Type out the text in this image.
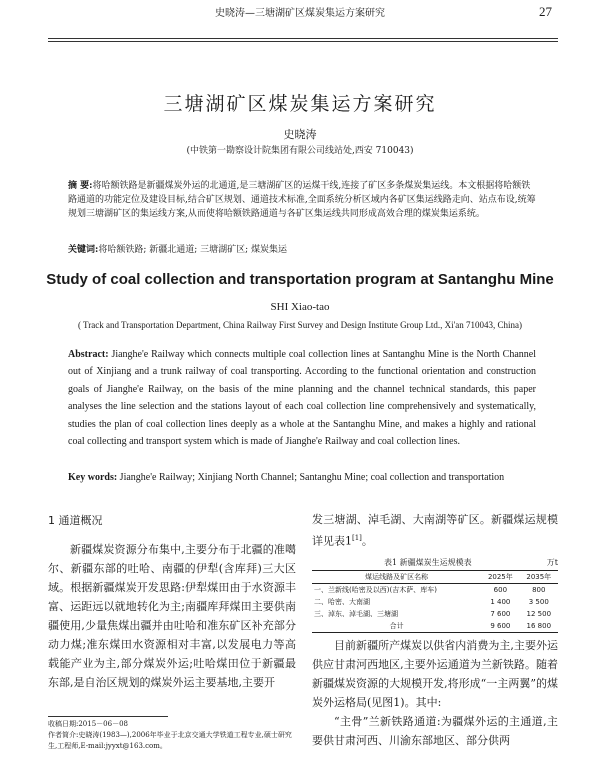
史晓涛—三塘湖矿区煤炭集运方案研究	27
三塘湖矿区煤炭集运方案研究
史晓涛
(中铁第一勘察设计院集团有限公司线站处,西安 710043)
摘 要:将哈额铁路是新疆煤炭外运的北通道,是三塘湖矿区的运煤干线,连接了矿区多条煤炭集运线。本文根据将哈额铁路通道的功能定位及建设目标,结合矿区规划、通道技术标准,全面系统分析区域内各矿区集运线路走向、站点布设,统筹规划三塘湖矿区的集运线方案,从而使将哈额铁路通道与各矿区集运线共同形成高效合理的煤炭集运系统。
关键词:将哈额铁路; 新疆北通道; 三塘湖矿区; 煤炭集运
Study of coal collection and transportation program at Santanghu Mine
SHI Xiao-tao
( Track and Transportation Department, China Railway First Survey and Design Institute Group Ltd., Xi'an 710043, China)
Abstract: Jianghe'e Railway which connects multiple coal collection lines at Santanghu Mine is the North Channel out of Xinjiang and a trunk railway of coal transporting. According to the functional orientation and construction goals of Jianghe'e Railway, on the basis of the mine planning and the channel technical standards, this paper analyses the line selection and the stations layout of each coal collection line comprehensively and systematically, studies the plan of coal collection lines deeply as a whole at the Santanghu Mine, and makes a highly and rational coal collecting and transport system which is made of Jianghe'e Railway and coal collection lines.
Key words: Jianghe'e Railway; Xinjiang North Channel; Santanghu Mine; coal collection and transportation
1 通道概况
新疆煤炭资源分布集中,主要分布于北疆的准噶尔、新疆东部的吐哈、南疆的伊犁(含库拜)三大区域。根据新疆煤炭开发思路:伊犁煤田由于水资源丰富、运距远以就地转化为主;南疆库拜煤田主要供南疆使用,少量焦煤出疆并由吐哈和准东矿区补充部分动力煤;准东煤田水资源相对丰富,以发展电力等高载能产业为主,部分煤炭外运;吐哈煤田位于新疆最东部,是自治区规划的煤炭外运主要基地,主要开
收稿日期:2015－06－08
作者简介:史晓涛(1983—),2006年毕业于北京交通大学铁道工程专业,硕士研究生,工程师,E-mail:jyyxt@163.com。
发三塘湖、淖毛湖、大南湖等矿区。新疆煤运规模详见表1[1]。
表1 新疆煤炭生运规模表	万t
煤运线路及矿区名称	2025年	2035年
一、兰新线(哈密及以西)(吉木萨、库车)	600	800
二、哈密、大南湖	1 400	3 500
三、淖东、淖毛湖、三塘湖	7 600	12 500
合计	9 600	16 800
目前新疆所产煤炭以供省内消费为主,主要外运供应甘肃河西地区,主要外运通道为兰新铁路。随着新疆煤炭资源的大规模开发,将形成“一主两翼”的煤炭外运格局(见图1)。其中:
“主骨”兰新铁路通道:为疆煤外运的主通道,主要供甘肃河西、川渝东部地区、部分供两
